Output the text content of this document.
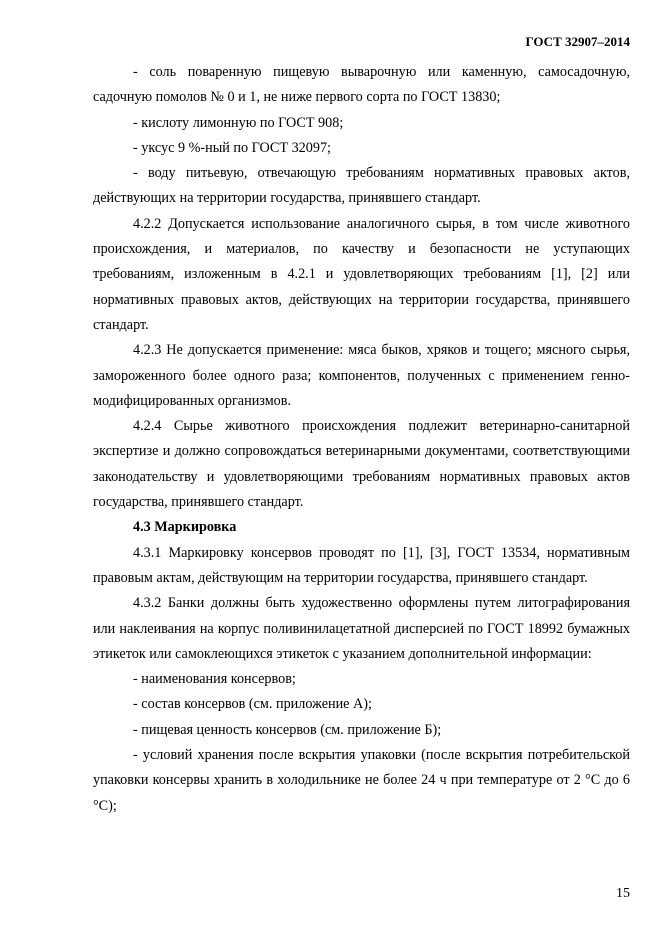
ГОСТ 32907–2014

- соль поваренную пищевую выварочную или каменную, самосадочную, садочную помолов № 0 и 1, не ниже первого сорта по ГОСТ 13830;

- кислоту лимонную по ГОСТ 908;

- уксус 9 %-ный по ГОСТ 32097;

- воду питьевую, отвечающую требованиям нормативных правовых актов, действующих на территории государства, принявшего стандарт.

4.2.2 Допускается использование аналогичного сырья, в том числе животного происхождения, и материалов, по качеству и безопасности не уступающих требованиям, изложенным в 4.2.1 и удовлетворяющих требованиям [1], [2] или нормативных правовых актов, действующих на территории государства, принявшего стандарт.

4.2.3 Не допускается применение: мяса быков, хряков и тощего; мясного сырья, замороженного более одного раза; компонентов, полученных с применением генно-модифицированных организмов.

4.2.4 Сырье животного происхождения подлежит ветеринарно-санитарной экспертизе и должно сопровождаться ветеринарными документами, соответствующими законодательству и удовлетворяющими требованиям нормативных правовых актов государства, принявшего стандарт.

4.3 Маркировка

4.3.1 Маркировку консервов проводят по [1], [3], ГОСТ 13534, нормативным правовым актам, действующим на территории государства, принявшего стандарт.

4.3.2 Банки должны быть художественно оформлены путем литографирования или наклеивания на корпус поливинилацетатной дисперсией по ГОСТ 18992 бумажных этикеток или самоклеющихся этикеток с указанием дополнительной информации:

- наименования консервов;

- состав консервов (см. приложение А);

- пищевая ценность консервов (см. приложение Б);

- условий хранения после вскрытия упаковки (после вскрытия потребительской упаковки консервы хранить в холодильнике не более 24 ч при температуре от 2 °С до 6 °С);

15
